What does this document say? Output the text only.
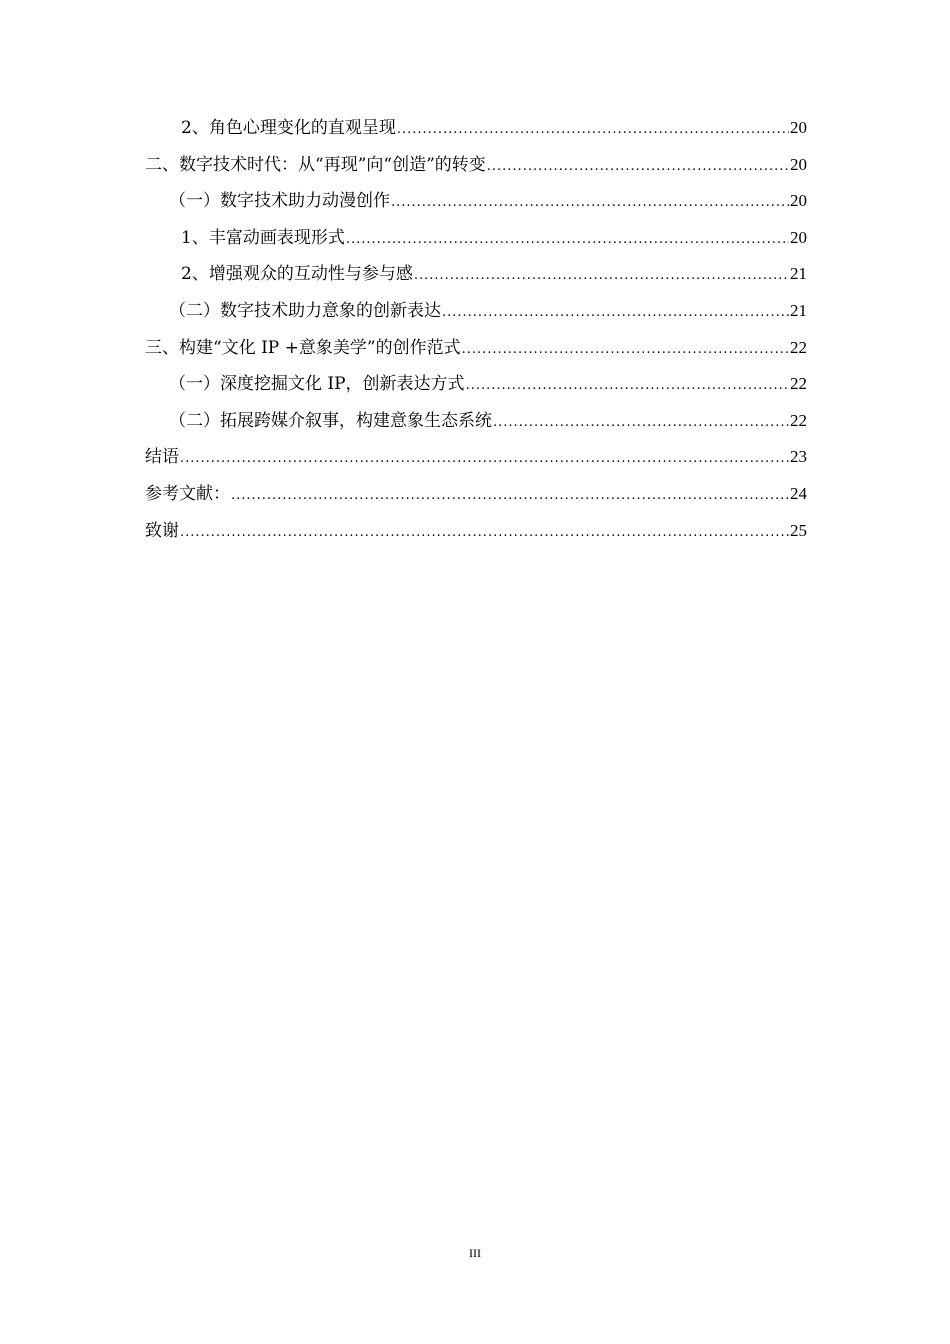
2、角色心理变化的直观呈现 .....	20
二、数字技术时代：从“再现”向“创造”的转变 .....	20
（一）数字技术助力动漫创作 .....	20
1、丰富动画表现形式 .....	20
2、增强观众的互动性与参与感 .....	21
（二）数字技术助力意象的创新表达 .....	21
三、构建“文化 IP +意象美学”的创作范式 .....	22
（一）深度挖掘文化 IP，创新表达方式 .....	22
（二）拓展跨媒介叙事，构建意象生态系统 .....	22
结语 .....	23
参考文献： .....	24
致谢 .....	25
III
